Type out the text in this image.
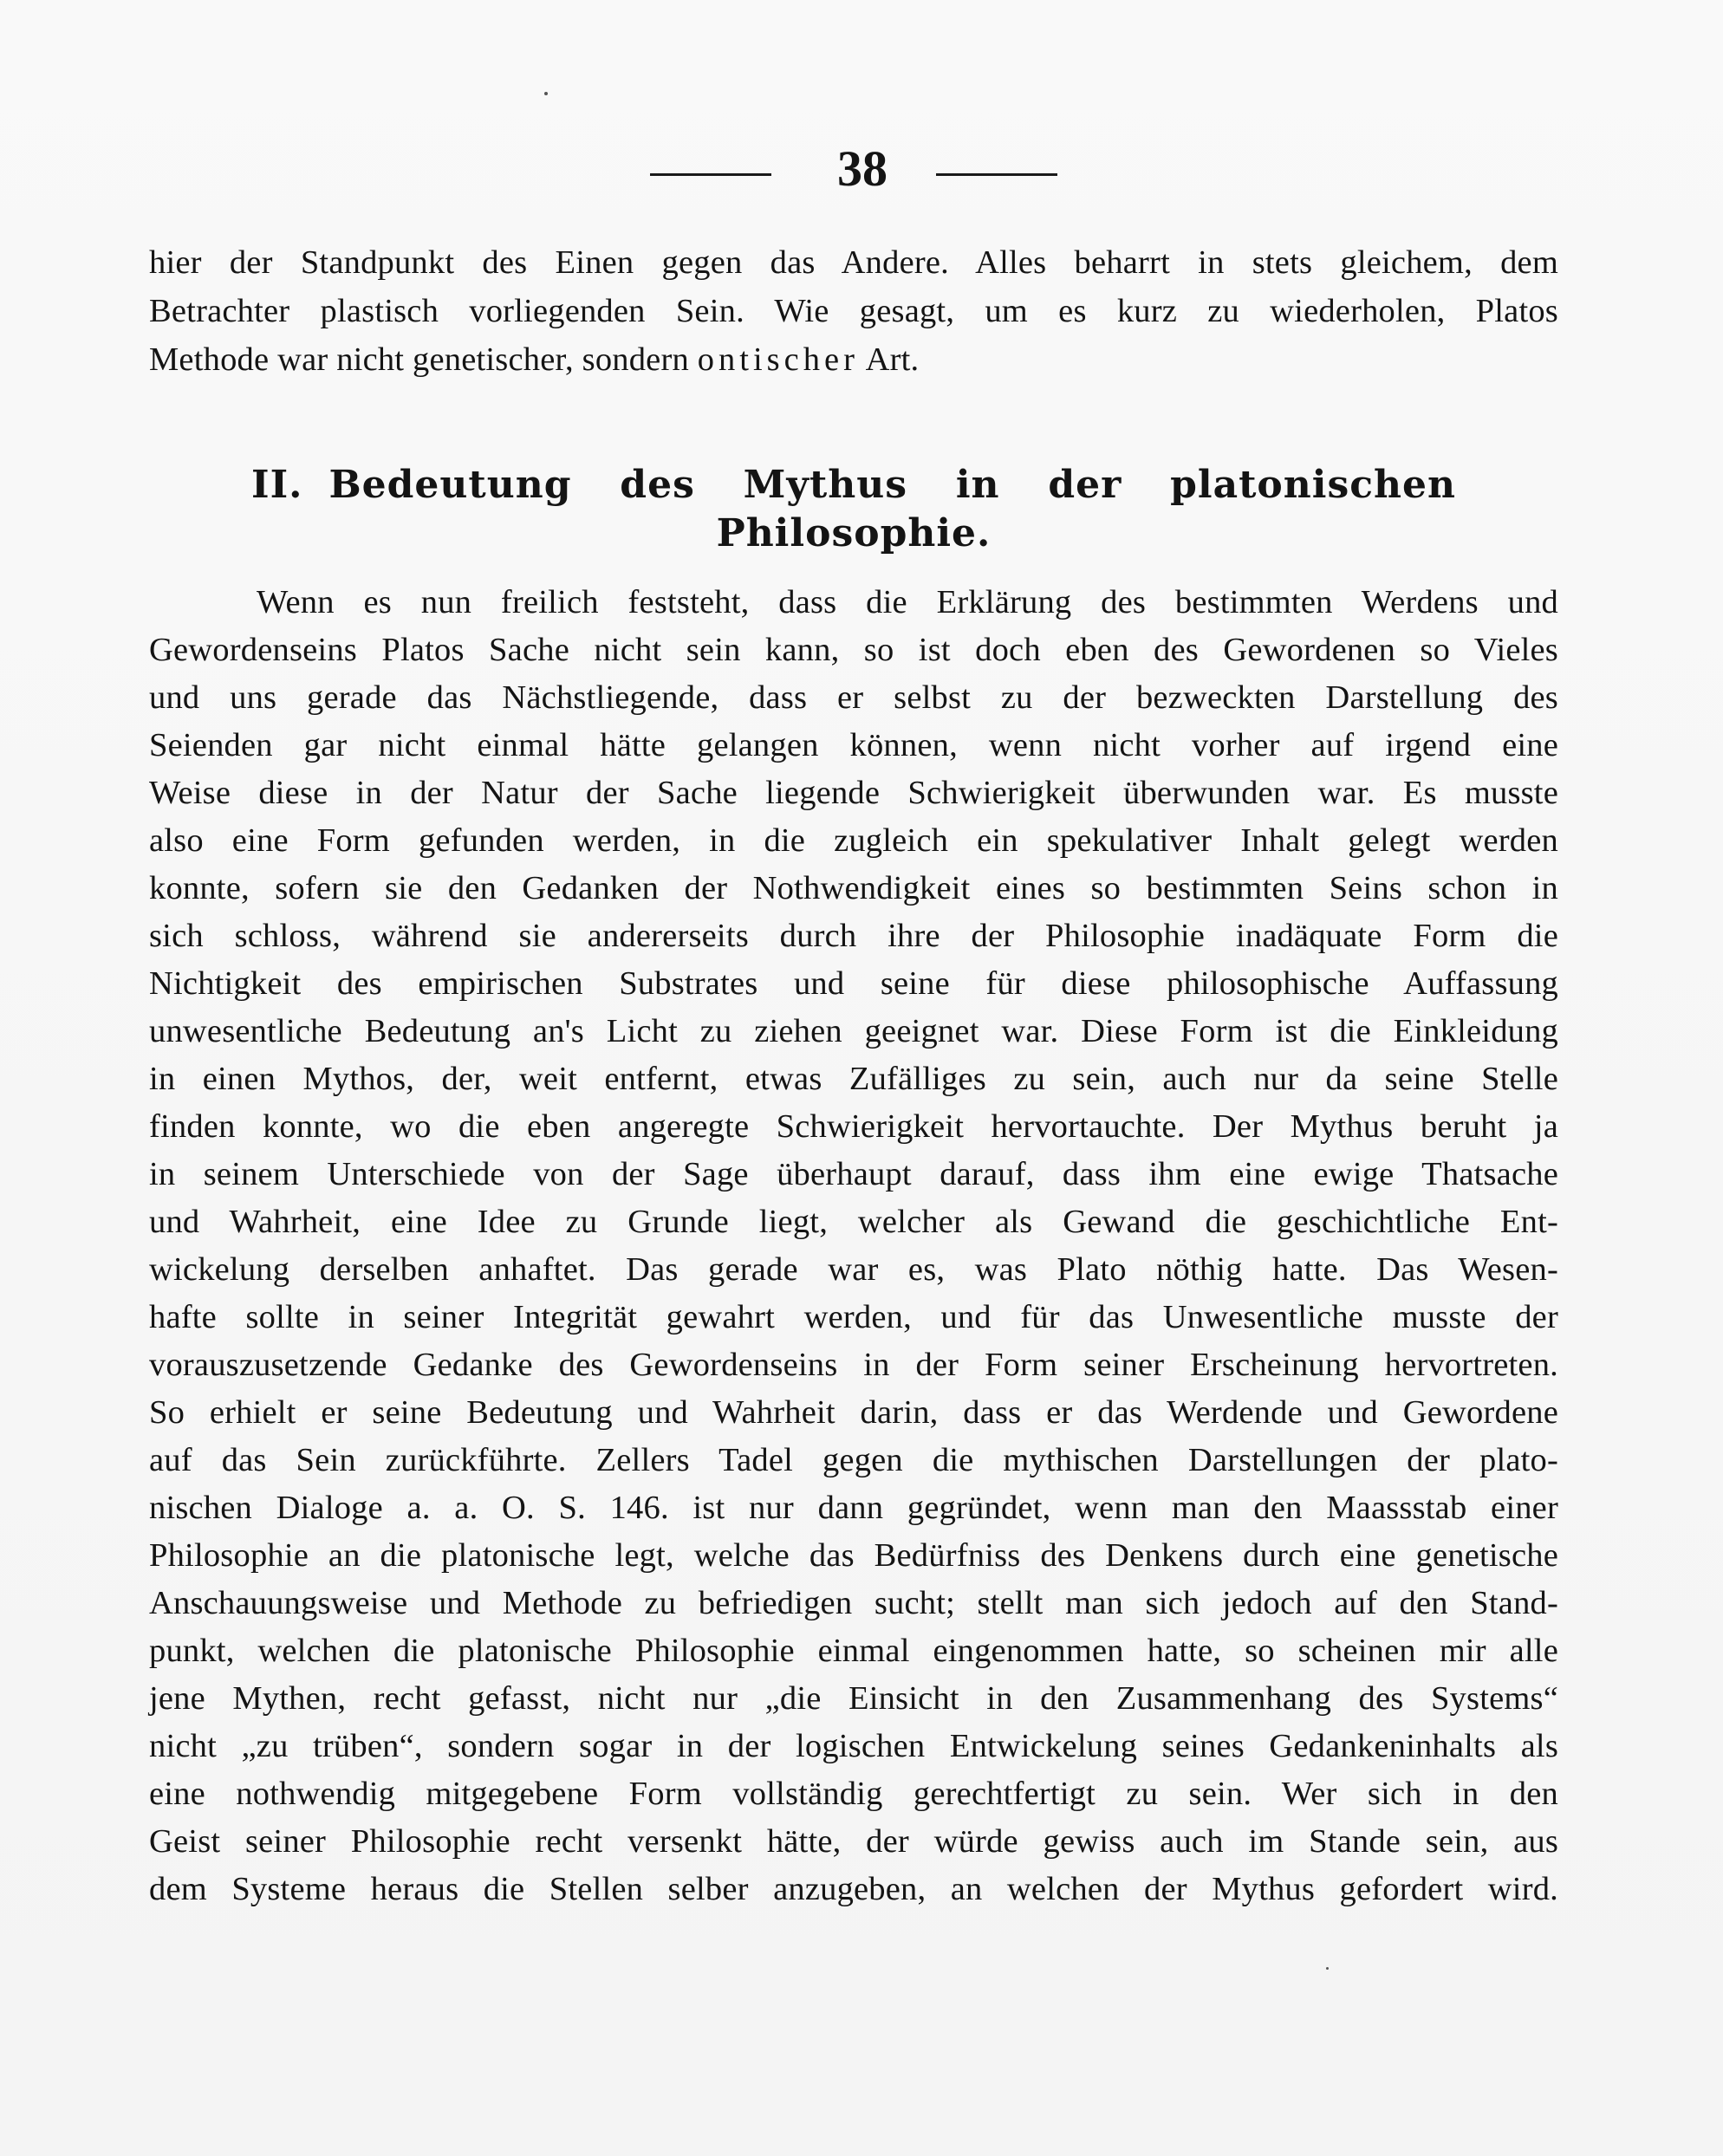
38
hier der Standpunkt des Einen gegen das Andere. Alles beharrt in stets gleichem, dem
Betrachter plastisch vorliegenden Sein. Wie gesagt, um es kurz zu wiederholen, Platos
Methode war nicht genetischer, sondern ontischer Art.
II. Bedeutung des Mythus in der platonischen
Philosophie.
Wenn es nun freilich feststeht, dass die Erklärung des bestimmten Werdens und
Gewordenseins Platos Sache nicht sein kann, so ist doch eben des Gewordenen so Vieles
und uns gerade das Nächstliegende, dass er selbst zu der bezweckten Darstellung des
Seienden gar nicht einmal hätte gelangen können, wenn nicht vorher auf irgend eine
Weise diese in der Natur der Sache liegende Schwierigkeit überwunden war. Es musste
also eine Form gefunden werden, in die zugleich ein spekulativer Inhalt gelegt werden
konnte, sofern sie den Gedanken der Nothwendigkeit eines so bestimmten Seins schon in
sich schloss, während sie andererseits durch ihre der Philosophie inadäquate Form die
Nichtigkeit des empirischen Substrates und seine für diese philosophische Auffassung
unwesentliche Bedeutung an's Licht zu ziehen geeignet war. Diese Form ist die Einkleidung
in einen Mythos, der, weit entfernt, etwas Zufälliges zu sein, auch nur da seine Stelle
finden konnte, wo die eben angeregte Schwierigkeit hervortauchte. Der Mythus beruht ja
in seinem Unterschiede von der Sage überhaupt darauf, dass ihm eine ewige Thatsache
und Wahrheit, eine Idee zu Grunde liegt, welcher als Gewand die geschichtliche Ent-
wickelung derselben anhaftet. Das gerade war es, was Plato nöthig hatte. Das Wesen-
hafte sollte in seiner Integrität gewahrt werden, und für das Unwesentliche musste der
vorauszusetzende Gedanke des Gewordenseins in der Form seiner Erscheinung hervortreten.
So erhielt er seine Bedeutung und Wahrheit darin, dass er das Werdende und Gewordene
auf das Sein zurückführte. Zellers Tadel gegen die mythischen Darstellungen der plato-
nischen Dialoge a. a. O. S. 146. ist nur dann gegründet, wenn man den Maassstab einer
Philosophie an die platonische legt, welche das Bedürfniss des Denkens durch eine genetische
Anschauungsweise und Methode zu befriedigen sucht; stellt man sich jedoch auf den Stand-
punkt, welchen die platonische Philosophie einmal eingenommen hatte, so scheinen mir alle
jene Mythen, recht gefasst, nicht nur „die Einsicht in den Zusammenhang des Systems“
nicht „zu trüben“, sondern sogar in der logischen Entwickelung seines Gedankeninhalts als
eine nothwendig mitgegebene Form vollständig gerechtfertigt zu sein. Wer sich in den
Geist seiner Philosophie recht versenkt hätte, der würde gewiss auch im Stande sein, aus
dem Systeme heraus die Stellen selber anzugeben, an welchen der Mythus gefordert wird.
